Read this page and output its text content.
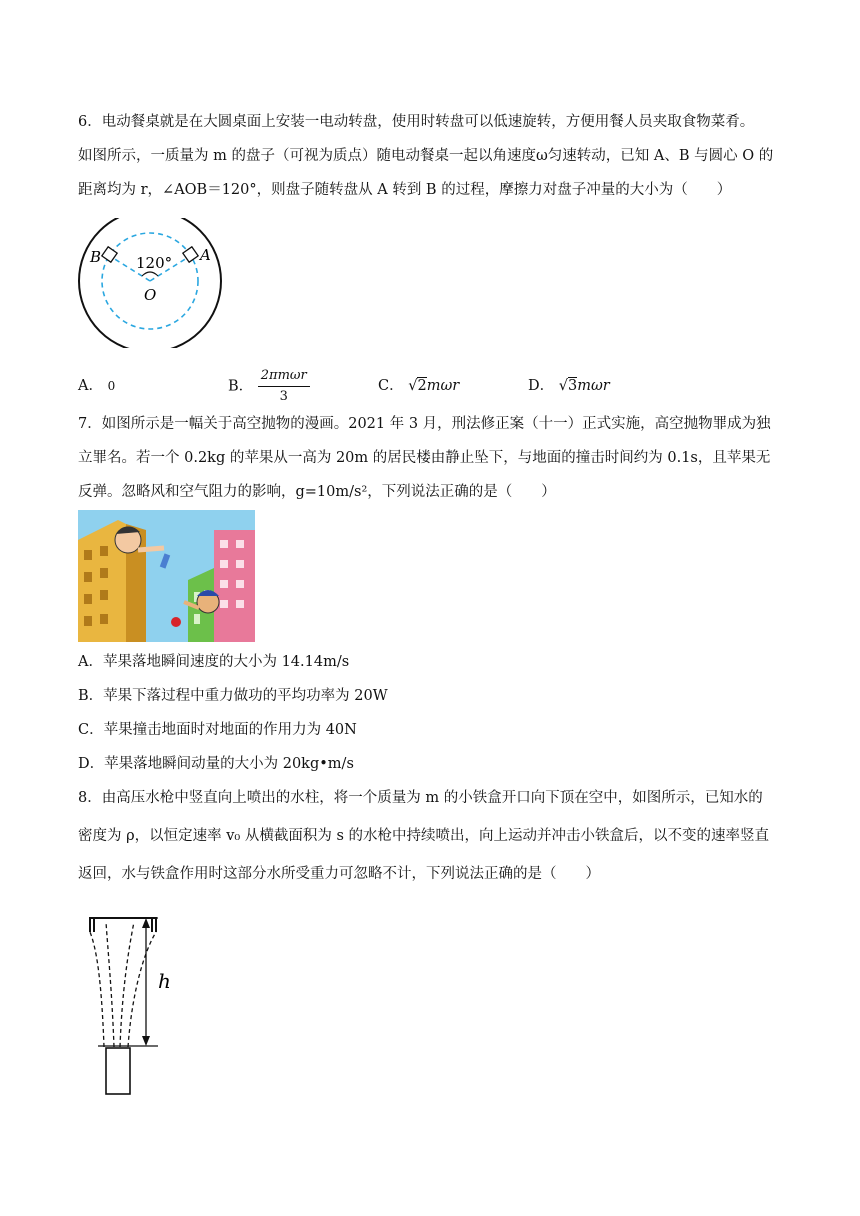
6．电动餐桌就是在大圆桌面上安装一电动转盘，使用时转盘可以低速旋转，方便用餐人员夹取食物菜肴。
如图所示，一质量为 m 的盘子（可视为质点）随电动餐桌一起以角速度ω匀速转动，已知 A、B 与圆心 O 的
距离均为 r，∠AOB＝120°，则盘子随转盘从 A 转到 B 的过程，摩擦力对盘子冲量的大小为（　　）
B	A
120°
O
A． 0	B． $\frac{\text{2πmωr}}{3}$	C． √2mωr	D． √3mωr
7．如图所示是一幅关于高空抛物的漫画。2021 年 3 月，刑法修正案（十一）正式实施，高空抛物罪成为独
立罪名。若一个 0.2kg 的苹果从一高为 20m 的居民楼由静止坠下，与地面的撞击时间约为 0.1s，且苹果无
反弹。忽略风和空气阻力的影响，g=10m/s²，下列说法正确的是（　　）
A．苹果落地瞬间速度的大小为 14.14m/s
B．苹果下落过程中重力做功的平均功率为 20W
C．苹果撞击地面时对地面的作用力为 40N
D．苹果落地瞬间动量的大小为 20kg•m/s
8．由高压水枪中竖直向上喷出的水柱，将一个质量为 m 的小铁盒开口向下顶在空中，如图所示，已知水的
密度为 ρ，以恒定速率 v₀ 从横截面积为 s 的水枪中持续喷出，向上运动并冲击小铁盒后，以不变的速率竖直
返回，水与铁盒作用时这部分水所受重力可忽略不计，下列说法正确的是（　　）
h
